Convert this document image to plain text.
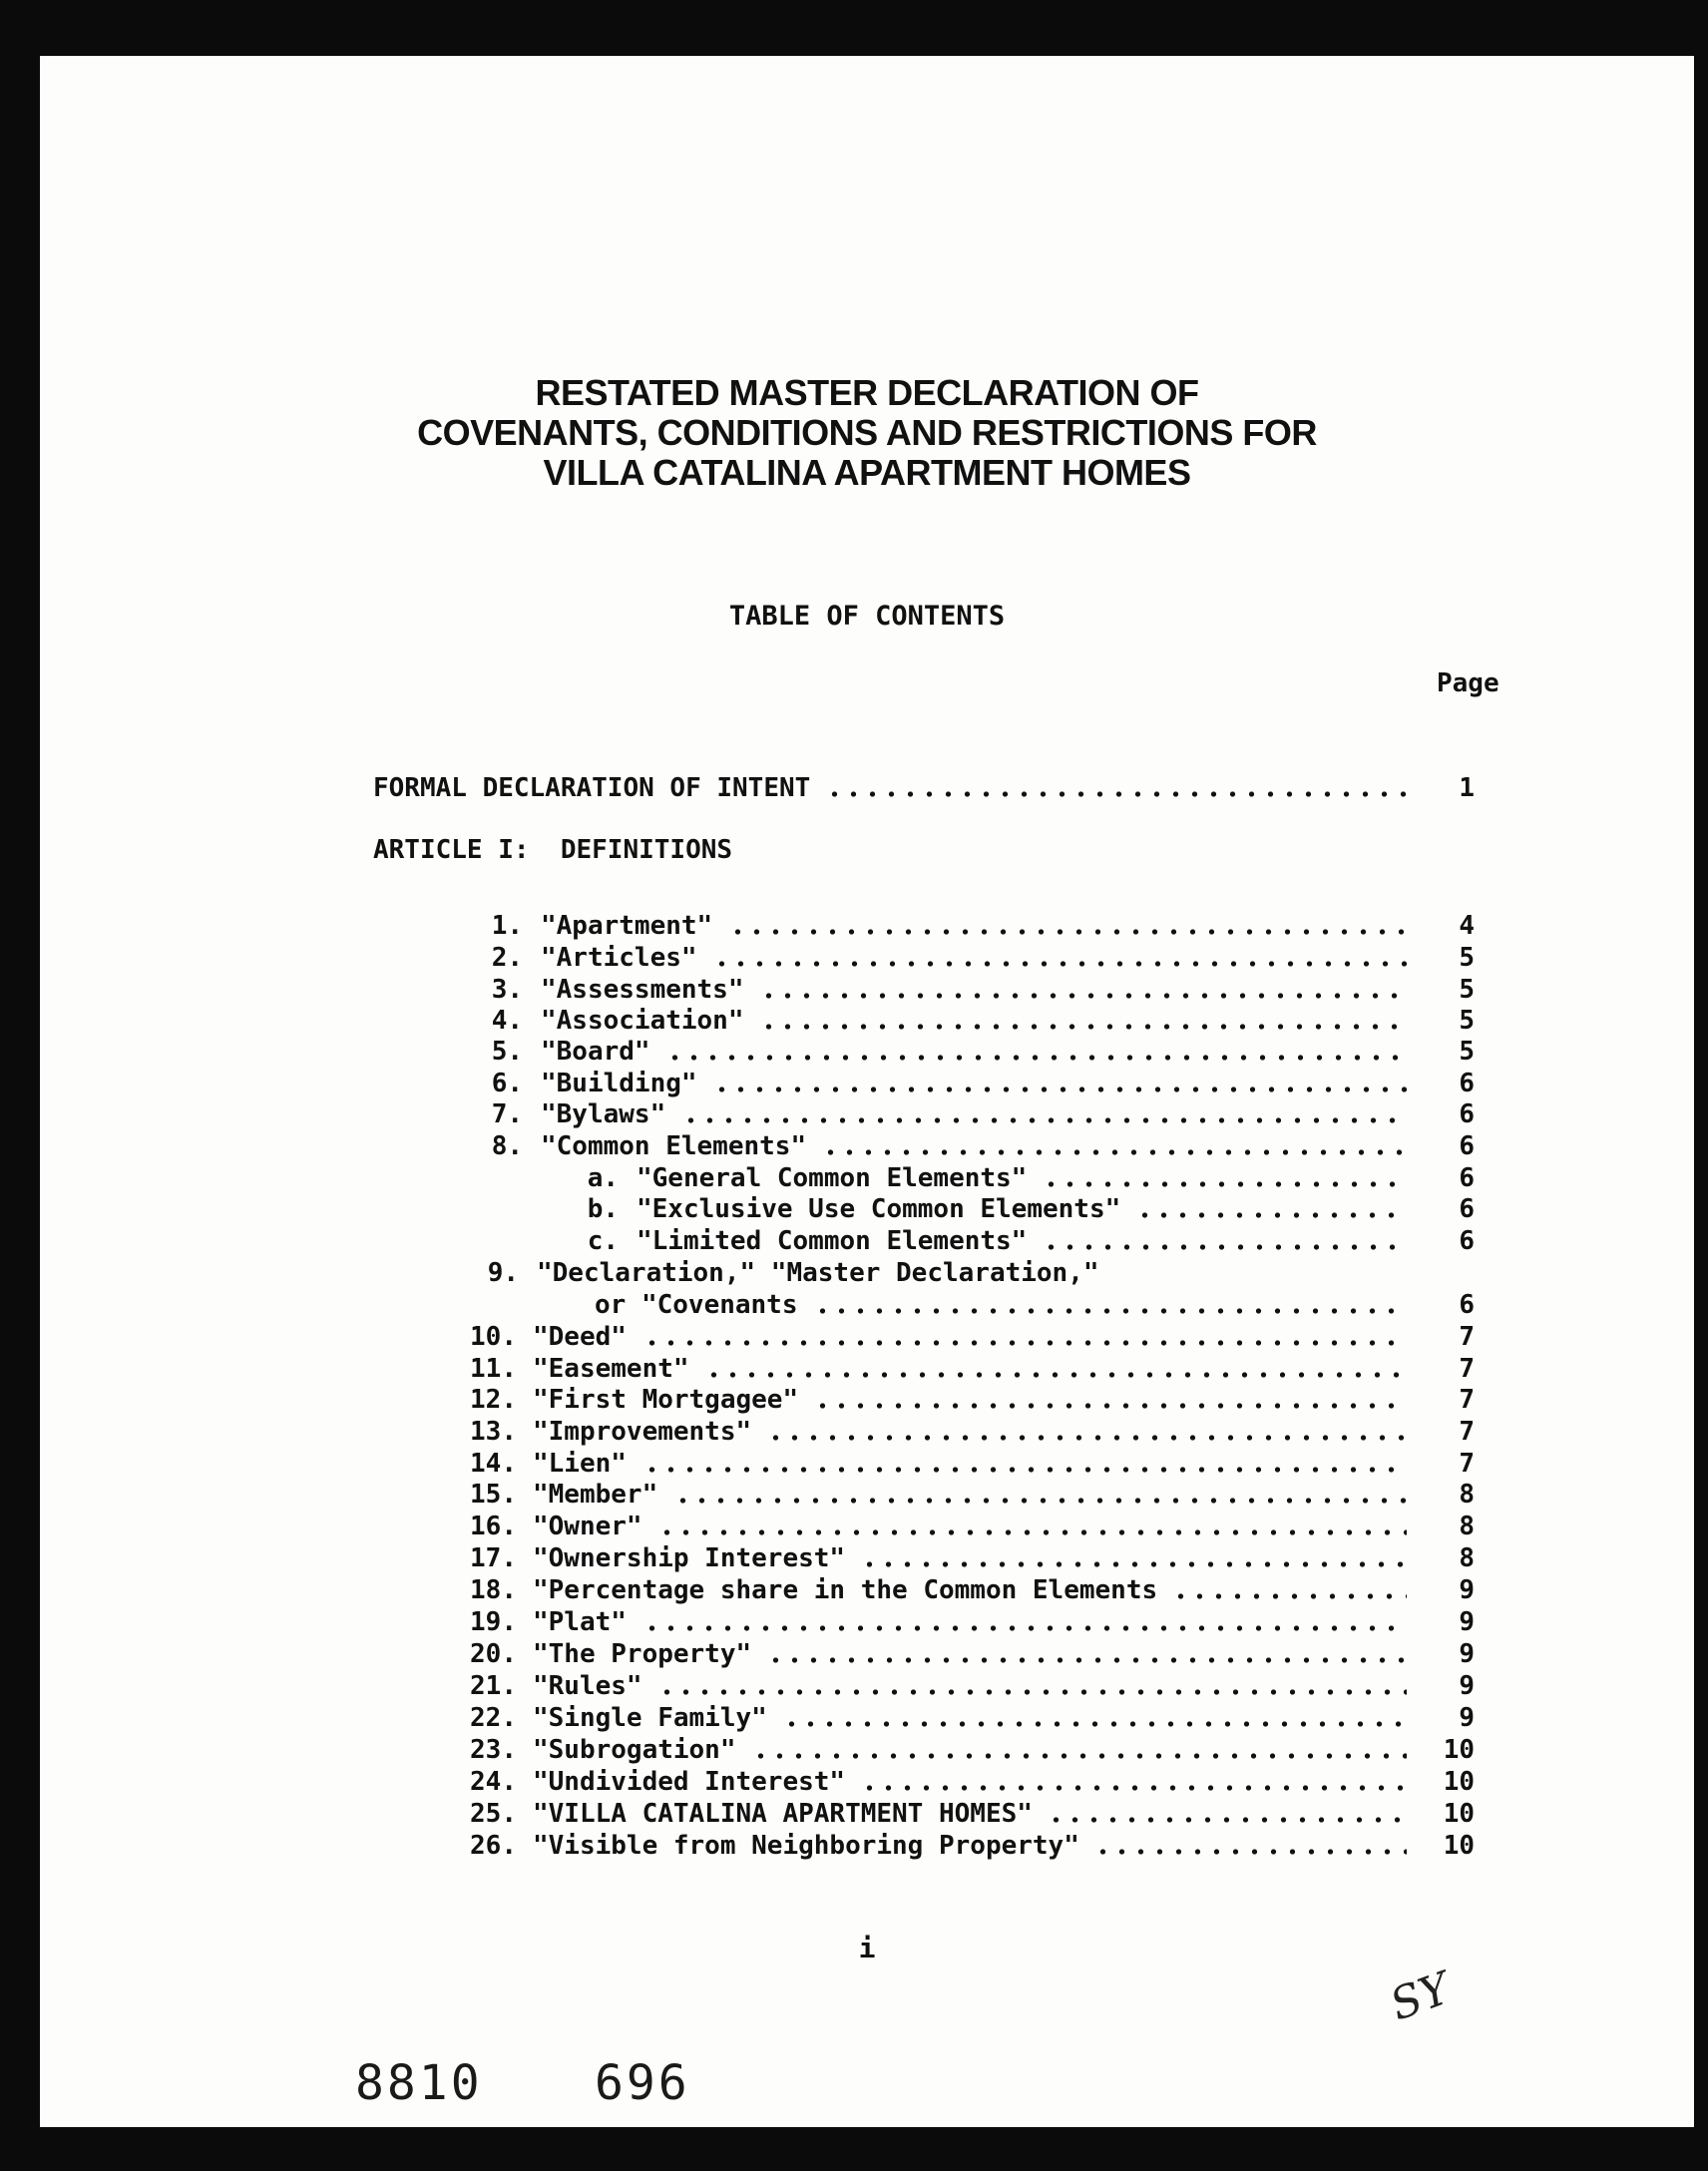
RESTATED MASTER DECLARATION OF
COVENANTS, CONDITIONS AND RESTRICTIONS FOR
VILLA CATALINA APARTMENT HOMES
TABLE OF CONTENTS
Page
FORMAL DECLARATION OF INTENT	1
ARTICLE I:  DEFINITIONS
1. "Apartment"	4
2. "Articles"	5
3. "Assessments"	5
4. "Association"	5
5. "Board"	5
6. "Building"	6
7. "Bylaws"	6
8. "Common Elements"	6
a. "General Common Elements"	6
b. "Exclusive Use Common Elements"	6
c. "Limited Common Elements"	6
9. "Declaration," "Master Declaration,"
or "Covenants	6
10. "Deed"	7
11. "Easement"	7
12. "First Mortgagee"	7
13. "Improvements"	7
14. "Lien"	7
15. "Member"	8
16. "Owner"	8
17. "Ownership Interest"	8
18. "Percentage share in the Common Elements	9
19. "Plat"	9
20. "The Property"	9
21. "Rules"	9
22. "Single Family"	9
23. "Subrogation"	10
24. "Undivided Interest"	10
25. "VILLA CATALINA APARTMENT HOMES"	10
26. "Visible from Neighboring Property"	10
i
8810 696
SY
